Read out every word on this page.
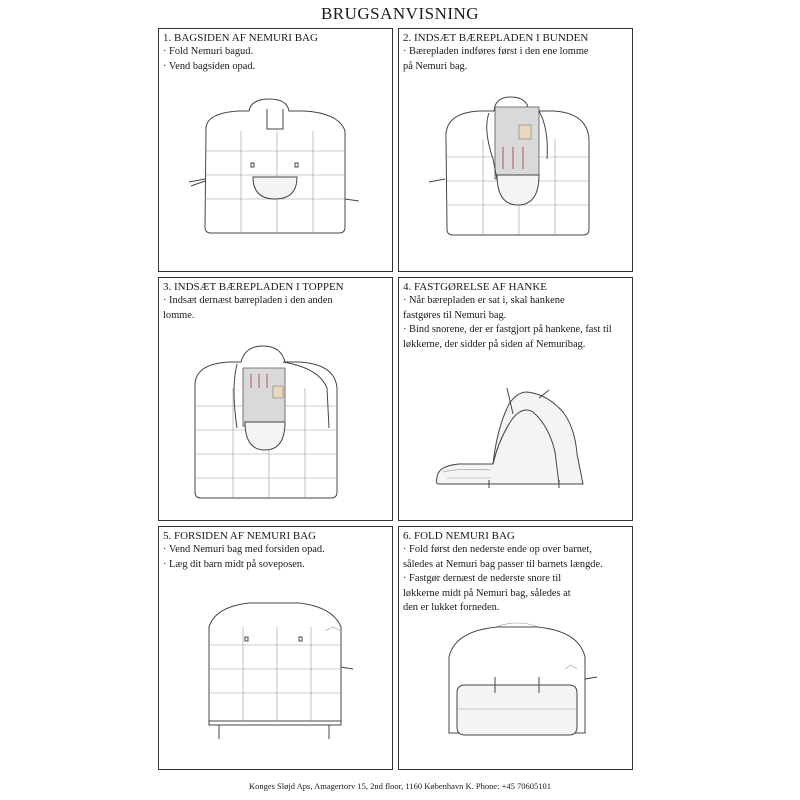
BRUGSANVISNING
1. BAGSIDEN AF NEMURI BAG

· Fold Nemuri bagud.

· Vend bagsiden opad.

2. INDSÆT BÆREPLADEN I BUNDEN

· Bærepladen indføres først i den ene lomme

på Nemuri bag.

3. INDSÆT BÆREPLADEN I TOPPEN

· Indsæt dernæst bærepladen i den anden

lomme.

4. FASTGØRELSE AF HANKE

· Når bærepladen er sat i, skal hankene

fastgøres til Nemuri bag.

· Bind snorene, der er fastgjort på hankene, fast til

løkkerne, der sidder på siden af Nemuribag.

5. FORSIDEN AF NEMURI BAG

· Vend Nemuri bag med forsiden opad.

· Læg dit barn midt på soveposen.

6. FOLD NEMURI BAG

· Fold først den nederste ende op over barnet,

således at Nemuri bag passer til barnets længde.

· Fastgør dernæst de nederste snore til

løkkerne midt på Nemuri bag, således at

den er lukket forneden.

Konges Sløjd Aps, Amagertorv 15, 2nd floor, 1160 København K. Phone: +45 70605101
